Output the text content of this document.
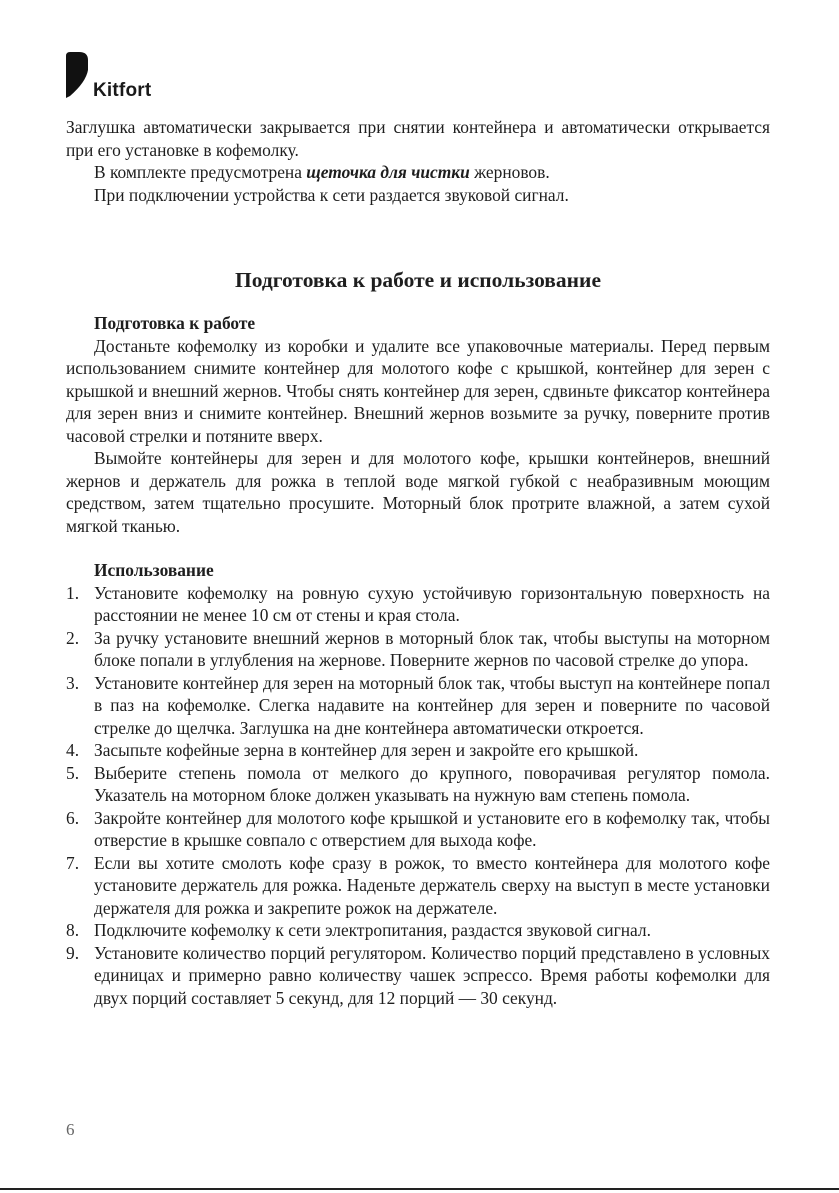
Kitfort

Заглушка автоматически закрывается при снятии контейнера и автоматически открывается при его установке в кофемолку.

В комплекте предусмотрена щеточка для чистки жерновов.

При подключении устройства к сети раздается звуковой сигнал.

Подготовка к работе и использование
Подготовка к работе

Достаньте кофемолку из коробки и удалите все упаковочные материалы. Перед первым использованием снимите контейнер для молотого кофе с крышкой, контейнер для зерен с крышкой и внешний жернов. Чтобы снять контейнер для зерен, сдвиньте фиксатор контейнера для зерен вниз и снимите контейнер. Внешний жернов возьмите за ручку, поверните против часовой стрелки и потяните вверх.

Вымойте контейнеры для зерен и для молотого кофе, крышки контейнеров, внешний жернов и держатель для рожка в теплой воде мягкой губкой с неабразивным моющим средством, затем тщательно просушите. Моторный блок протрите влажной, а затем сухой мягкой тканью.

Использование
1. Установите кофемолку на ровную сухую устойчивую горизонтальную поверхность на расстоянии не менее 10 см от стены и края стола.
2. За ручку установите внешний жернов в моторный блок так, чтобы выступы на моторном блоке попали в углубления на жернове. Поверните жернов по часовой стрелке до упора.
3. Установите контейнер для зерен на моторный блок так, чтобы выступ на контейнере попал в паз на кофемолке. Слегка надавите на контейнер для зерен и поверните по часовой стрелке до щелчка. Заглушка на дне контейнера автоматически откроется.
4. Засыпьте кофейные зерна в контейнер для зерен и закройте его крышкой.
5. Выберите степень помола от мелкого до крупного, поворачивая регулятор помола. Указатель на моторном блоке должен указывать на нужную вам степень помола.
6. Закройте контейнер для молотого кофе крышкой и установите его в кофемолку так, чтобы отверстие в крышке совпало с отверстием для выхода кофе.
7. Если вы хотите смолоть кофе сразу в рожок, то вместо контейнера для молотого кофе установите держатель для рожка. Наденьте держатель сверху на выступ в месте установки держателя для рожка и закрепите рожок на держателе.
8. Подключите кофемолку к сети электропитания, раздастся звуковой сигнал.
9. Установите количество порций регулятором. Количество порций представлено в условных единицах и примерно равно количеству чашек эспрессо. Время работы кофемолки для двух порций составляет 5 секунд, для 12 порций — 30 секунд.
6
